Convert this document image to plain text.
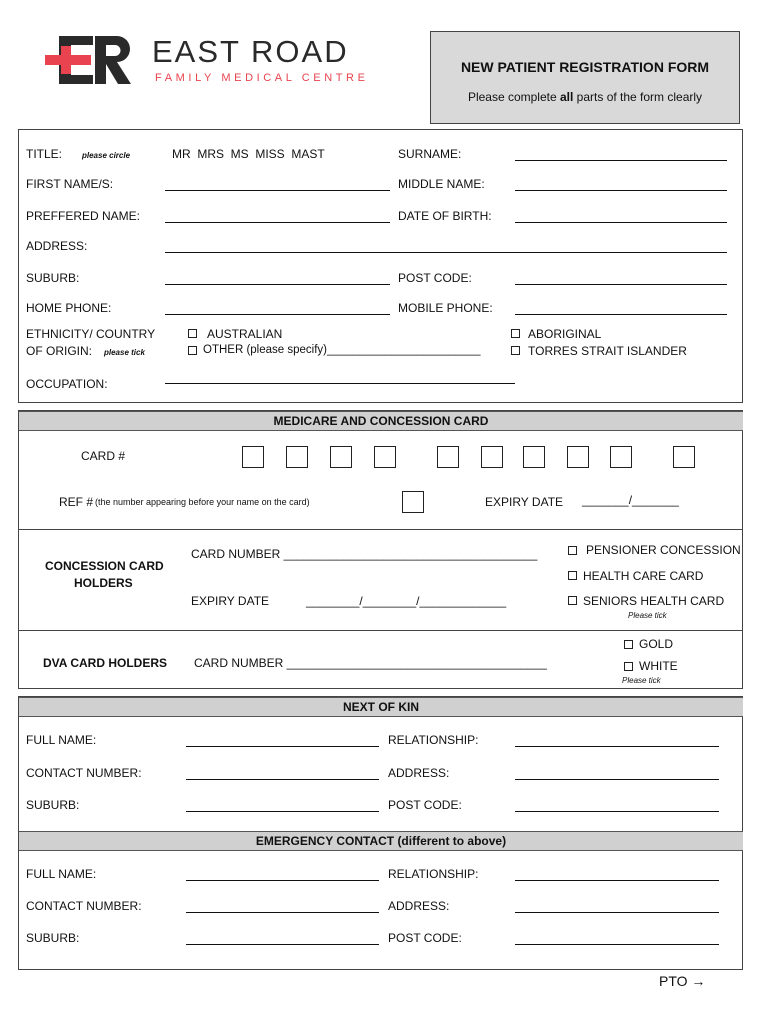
EAST ROAD
FAMILY MEDICAL CENTRE
NEW PATIENT REGISTRATION FORM
Please complete all parts of the form clearly
TITLE: please circle	MR  MRS  MS  MISS  MAST	SURNAME:
FIRST NAME/S:	MIDDLE NAME:
PREFFERED NAME:	DATE OF BIRTH:
ADDRESS:
SUBURB:	POST CODE:
HOME PHONE:	MOBILE PHONE:
ETHNICITY/ COUNTRY
OF ORIGIN: please tick
AUSTRALIAN
OTHER (please specify)________________________
ABORIGINAL
TORRES STRAIT ISLANDER
OCCUPATION:
MEDICARE AND CONCESSION CARD
CARD #
REF # (the number appearing before your name on the card)	EXPIRY DATE _______/_______
CONCESSION CARD
HOLDERS
CARD NUMBER ______________________________________
EXPIRY DATE	________/________/_____________
PENSIONER CONCESSION
HEALTH CARE CARD
SENIORS HEALTH CARD
Please tick
DVA CARD HOLDERS CARD NUMBER _______________________________________
GOLD
WHITE
Please tick
NEXT OF KIN
FULL NAME:	RELATIONSHIP:
CONTACT NUMBER:	ADDRESS:
SUBURB:	POST CODE:
EMERGENCY CONTACT (different to above)
FULL NAME:	RELATIONSHIP:
CONTACT NUMBER:	ADDRESS:
SUBURB:	POST CODE:
PTO →
